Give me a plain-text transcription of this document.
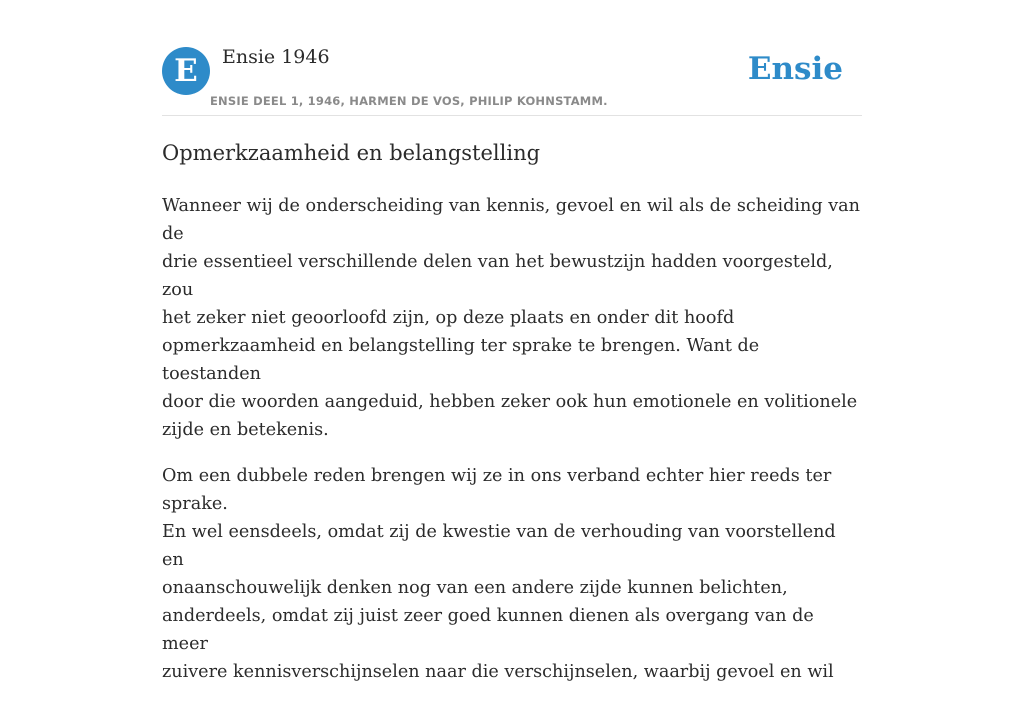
E	Ensie 1946
ENSIE DEEL 1, 1946, HARMEN DE VOS, PHILIP KOHNSTAMM.
Ensie
Opmerkzaamheid en belangstelling

Wanneer wij de onderscheiding van kennis, gevoel en wil als de scheiding van de
drie essentieel verschillende delen van het bewustzijn hadden voorgesteld, zou
het zeker niet geoorloofd zijn, op deze plaats en onder dit hoofd
opmerkzaamheid en belangstelling ter sprake te brengen. Want de toestanden
door die woorden aangeduid, hebben zeker ook hun emotionele en volitionele
zijde en betekenis.

Om een dubbele reden brengen wij ze in ons verband echter hier reeds ter sprake.
En wel eensdeels, omdat zij de kwestie van de verhouding van voorstellend en
onaanschouwelijk denken nog van een andere zijde kunnen belichten,
anderdeels, omdat zij juist zeer goed kunnen dienen als overgang van de meer
zuivere kennisverschijnselen naar die verschijnselen, waarbij gevoel en wil
